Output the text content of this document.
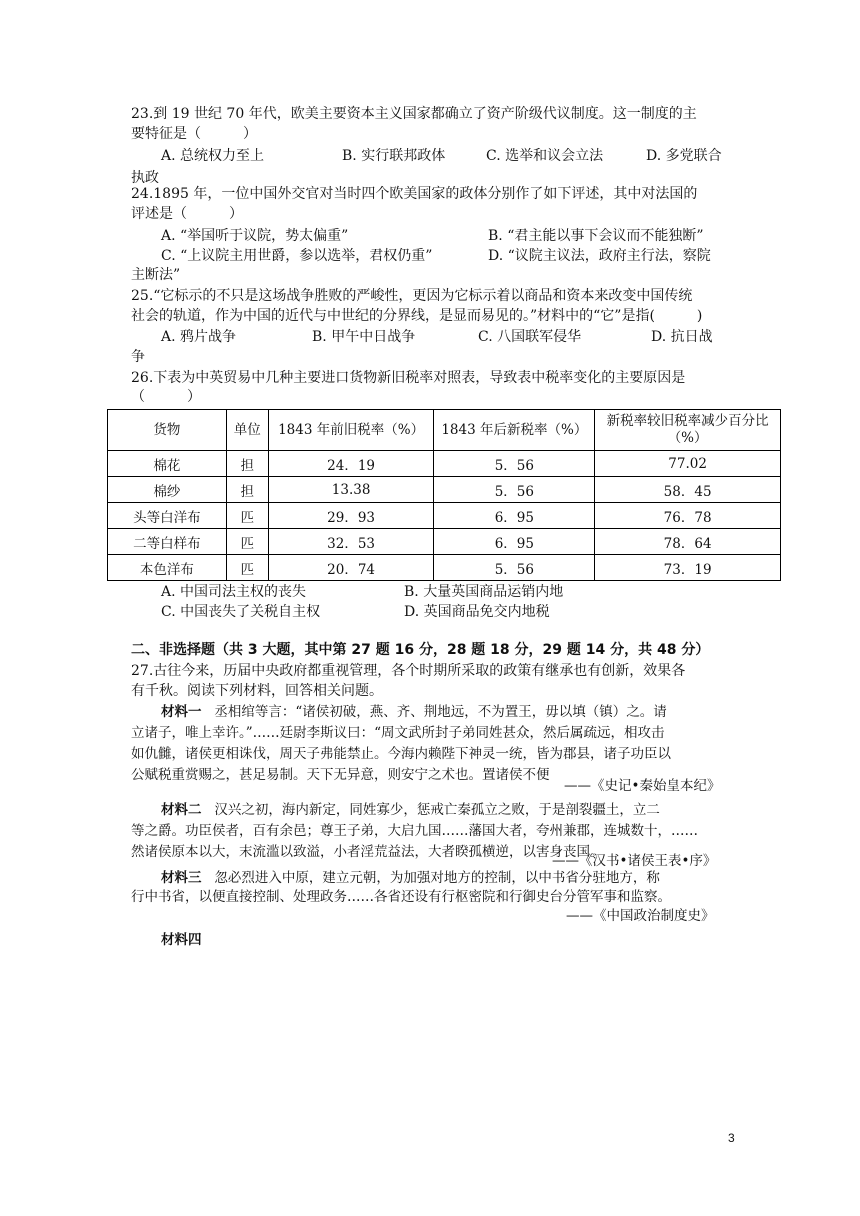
23.到 19 世纪 70 年代，欧美主要资本主义国家都确立了资产阶级代议制度。这一制度的主
要特征是（　　　）
A. 总统权力至上	B. 实行联邦政体	C. 选举和议会立法	D. 多党联合
执政
24.1895 年，一位中国外交官对当时四个欧美国家的政体分别作了如下评述，其中对法国的
评述是（　　　）
A. “举国听于议院，势太偏重”	B. “君主能以事下会议而不能独断”
C. “上议院主用世爵，参以选举，君权仍重”	D. “议院主议法，政府主行法，察院
主断法”
25.“它标示的不只是这场战争胜败的严峻性，更因为它标示着以商品和资本来改变中国传统
社会的轨道，作为中国的近代与中世纪的分界线，是显而易见的。”材料中的“它”是指(　　　)
A. 鸦片战争	B. 甲午中日战争	C. 八国联军侵华	D. 抗日战
争
26.下表为中英贸易中几种主要进口货物新旧税率对照表，导致表中税率变化的主要原因是
（　　　）
货物	单位	1843 年前旧税率（%）	1843 年后新税率（%）	新税率较旧税率减少百分比（%）
棉花	担	24．19	5．56	77.02
棉纱	担	13.38	5．56	58．45
头等白洋布	匹	29．93	6．95	76．78
二等白样布	匹	32．53	6．95	78．64
本色洋布	匹	20．74	5．56	73．19
A. 中国司法主权的丧失	B. 大量英国商品运销内地
C. 中国丧失了关税自主权	D. 英国商品免交内地税
二、非选择题（共 3 大题，其中第 27 题 16 分，28 题 18 分，29 题 14 分，共 48 分）
27.古往今来，历届中央政府都重视管理，各个时期所采取的政策有继承也有创新，效果各
有千秋。阅读下列材料，回答相关问题。
材料一 丞相绾等言：“诸侯初破，燕、齐、荆地远，不为置王，毋以填（镇）之。请
立诸子，唯上幸许。”……廷尉李斯议曰：“周文武所封子弟同姓甚众，然后属疏远，相攻击
如仇雠，诸侯更相诛伐，周天子弗能禁止。今海内赖陛下神灵一统，皆为郡县，诸子功臣以
公赋税重赏赐之，甚足易制。天下无异意，则安宁之术也。置诸侯不便
——《史记•秦始皇本纪》
材料二 汉兴之初，海内新定，同姓寡少，惩戒亡秦孤立之败，于是剖裂疆土，立二
等之爵。功臣侯者，百有余邑；尊王子弟，大启九国……藩国大者，夸州兼郡，连城数十，……
然诸侯原本以大，末流滥以致溢，小者淫荒益法，大者睽孤横逆，以害身丧国。
——《汉书•诸侯王表•序》
材料三 忽必烈进入中原，建立元朝，为加强对地方的控制，以中书省分驻地方，称
行中书省，以便直接控制、处理政务……各省还设有行枢密院和行御史台分管军事和监察。
——《中国政治制度史》
材料四
3
